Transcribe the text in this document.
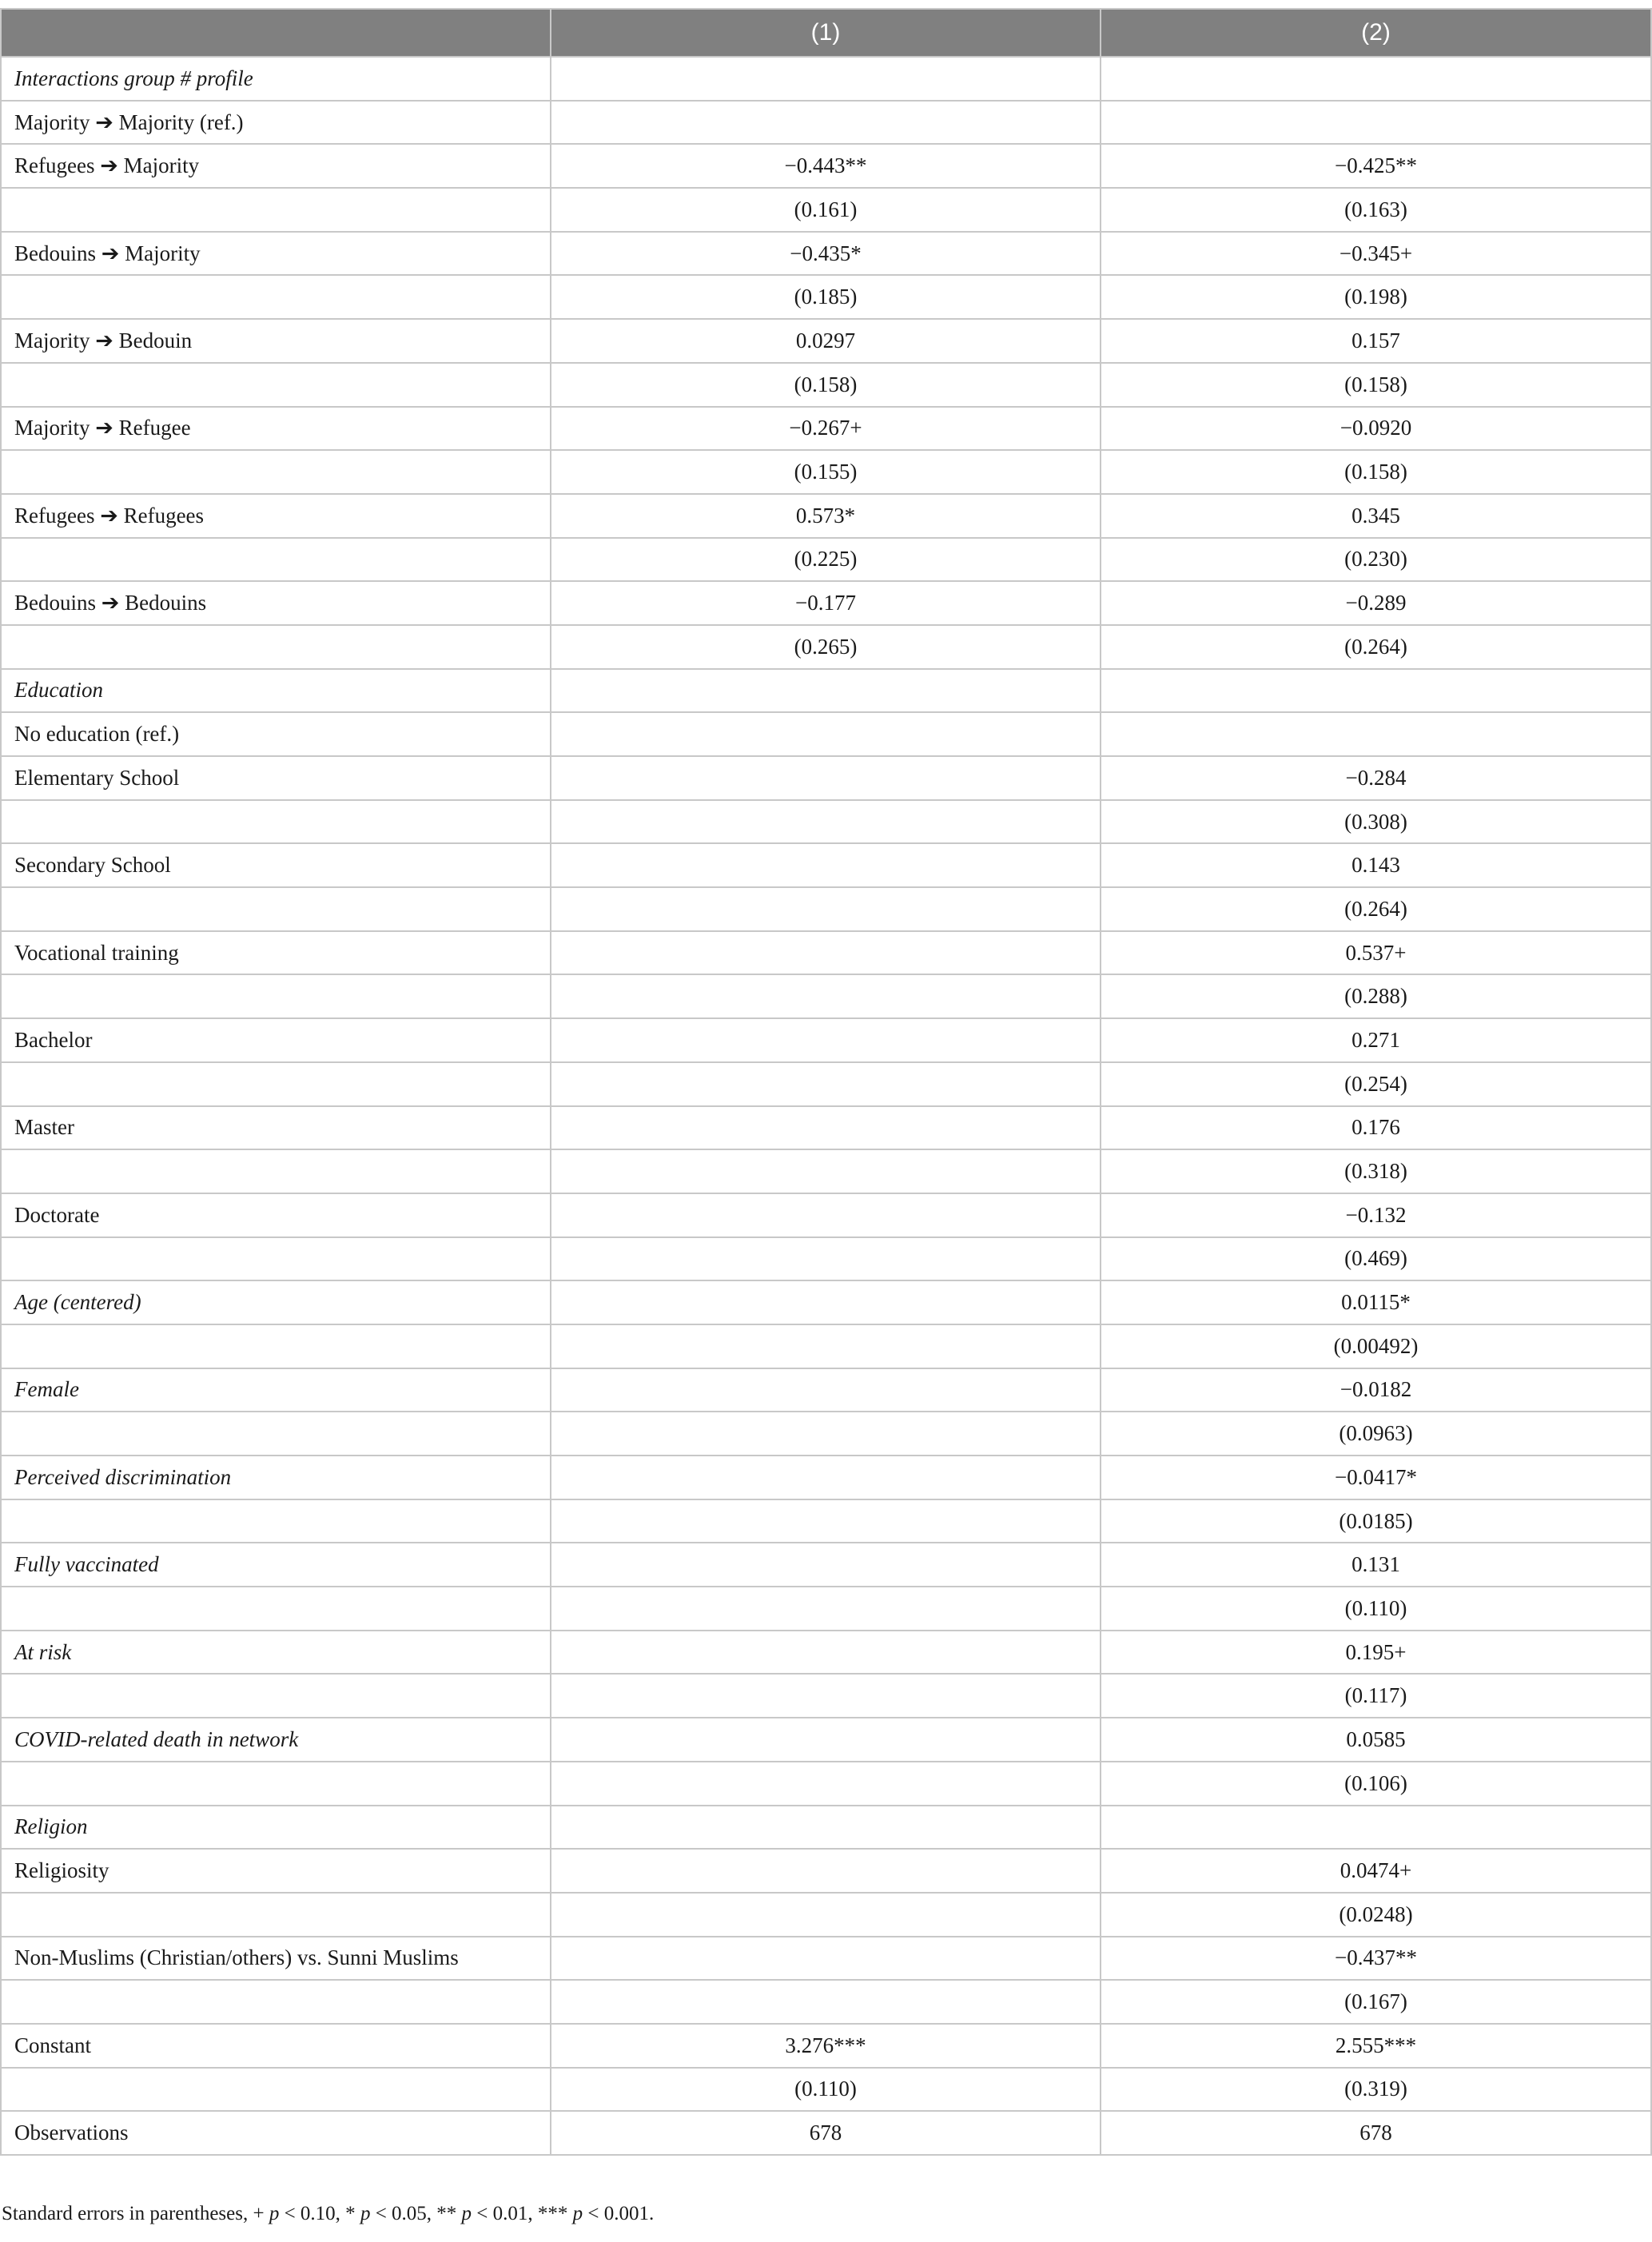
	(1)	(2)
Interactions group # profile		
Majority ➔ Majority (ref.)		
Refugees ➔ Majority	−0.443**	−0.425**
	(0.161)	(0.163)
Bedouins ➔ Majority	−0.435*	−0.345+
	(0.185)	(0.198)
Majority ➔ Bedouin	0.0297	0.157
	(0.158)	(0.158)
Majority ➔ Refugee	−0.267+	−0.0920
	(0.155)	(0.158)
Refugees ➔ Refugees	0.573*	0.345
	(0.225)	(0.230)
Bedouins ➔ Bedouins	−0.177	−0.289
	(0.265)	(0.264)
Education		
No education (ref.)		
Elementary School		−0.284
		(0.308)
Secondary School		0.143
		(0.264)
Vocational training		0.537+
		(0.288)
Bachelor		0.271
		(0.254)
Master		0.176
		(0.318)
Doctorate		−0.132
		(0.469)
Age (centered)		0.0115*
		(0.00492)
Female		−0.0182
		(0.0963)
Perceived discrimination		−0.0417*
		(0.0185)
Fully vaccinated		0.131
		(0.110)
At risk		0.195+
		(0.117)
COVID-related death in network		0.0585
		(0.106)
Religion		
Religiosity		0.0474+
		(0.0248)
Non-Muslims (Christian/others) vs. Sunni Muslims		−0.437**
		(0.167)
Constant	3.276***	2.555***
	(0.110)	(0.319)
Observations	678	678
Standard errors in parentheses, + p < 0.10, * p < 0.05, ** p < 0.01, *** p < 0.001.
